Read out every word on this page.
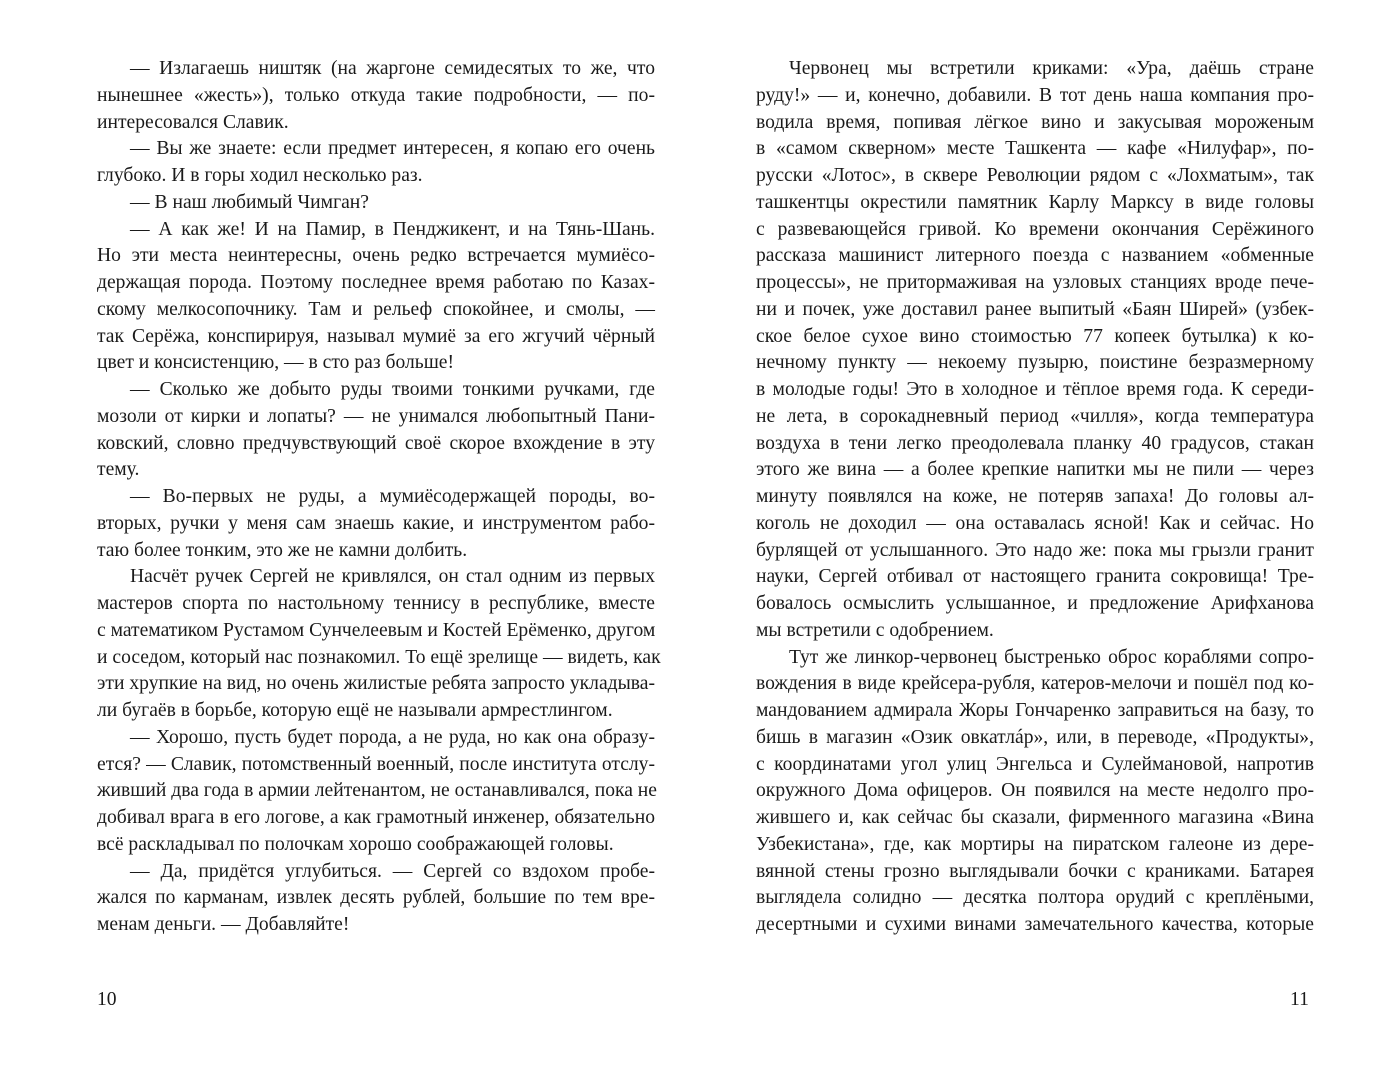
— Излагаешь ништяк (на жаргоне семидесятых то же, что
нынешнее «жесть»), только откуда такие подробности, — по-
интересовался Славик.
— Вы же знаете: если предмет интересен, я копаю его очень
глубоко. И в горы ходил несколько раз.
— В наш любимый Чимган?
— А как же! И на Памир, в Пенджикент, и на Тянь-Шань.
Но эти места неинтересны, очень редко встречается мумиёсо-
держащая порода. Поэтому последнее время работаю по Казах-
скому мелкосопочнику. Там и рельеф спокойнее, и смолы, —
так Серёжа, конспирируя, называл мумиё за его жгучий чёрный
цвет и консистенцию, — в сто раз больше!
— Сколько же добыто руды твоими тонкими ручками, где
мозоли от кирки и лопаты? — не унимался любопытный Пани-
ковский, словно предчувствующий своё скорое вхождение в эту
тему.
— Во-первых не руды, а мумиёсодержащей породы, во-
вторых, ручки у меня сам знаешь какие, и инструментом рабо-
таю более тонким, это же не камни долбить.
Насчёт ручек Сергей не кривлялся, он стал одним из первых
мастеров спорта по настольному теннису в республике, вместе
с математиком Рустамом Сунчелеевым и Костей Ерёменко, другом
и соседом, который нас познакомил. То ещё зрелище — видеть, как
эти хрупкие на вид, но очень жилистые ребята запросто укладыва-
ли бугаёв в борьбе, которую ещё не называли армрестлингом.
— Хорошо, пусть будет порода, а не руда, но как она образу-
ется? — Славик, потомственный военный, после института отслу-
живший два года в армии лейтенантом, не останавливался, пока не
добивал врага в его логове, а как грамотный инженер, обязательно
всё раскладывал по полочкам хорошо соображающей головы.
— Да, придётся углубиться. — Сергей со вздохом пробе-
жался по карманам, извлек десять рублей, большие по тем вре-
менам деньги. — Добавляйте!
Червонец мы встретили криками: «Ура, даёшь стране
руду!» — и, конечно, добавили. В тот день наша компания про-
водила время, попивая лёгкое вино и закусывая мороженым
в «самом скверном» месте Ташкента — кафе «Нилуфар», по-
русски «Лотос», в сквере Революции рядом с «Лохматым», так
ташкентцы окрестили памятник Карлу Марксу в виде головы
с развевающейся гривой. Ко времени окончания Серёжиного
рассказа машинист литерного поезда с названием «обменные
процессы», не притормаживая на узловых станциях вроде пече-
ни и почек, уже доставил ранее выпитый «Баян Ширей» (узбек-
ское белое сухое вино стоимостью 77 копеек бутылка) к ко-
нечному пункту — некоему пузырю, поистине безразмерному
в молодые годы! Это в холодное и тёплое время года. К середи-
не лета, в сорокадневный период «чилля», когда температура
воздуха в тени легко преодолевала планку 40 градусов, стакан
этого же вина — а более крепкие напитки мы не пили — через
минуту появлялся на коже, не потеряв запаха! До головы ал-
коголь не доходил — она оставалась ясной! Как и сейчас. Но
бурлящей от услышанного. Это надо же: пока мы грызли гранит
науки, Сергей отбивал от настоящего гранита сокровища! Тре-
бовалось осмыслить услышанное, и предложение Арифханова
мы встретили с одобрением.
Тут же линкор-червонец быстренько оброс кораблями сопро-
вождения в виде крейсера-рубля, катеров-мелочи и пошёл под ко-
мандованием адмирала Жоры Гончаренко заправиться на базу, то
бишь в магазин «Озик овкатлáр», или, в переводе, «Продукты»,
с координатами угол улиц Энгельса и Сулеймановой, напротив
окружного Дома офицеров. Он появился на месте недолго про-
жившего и, как сейчас бы сказали, фирменного магазина «Вина
Узбекистана», где, как мортиры на пиратском галеоне из дере-
вянной стены грозно выглядывали бочки с краниками. Батарея
выглядела солидно — десятка полтора орудий с креплёными,
десертными и сухими винами замечательного качества, которые
10	11
